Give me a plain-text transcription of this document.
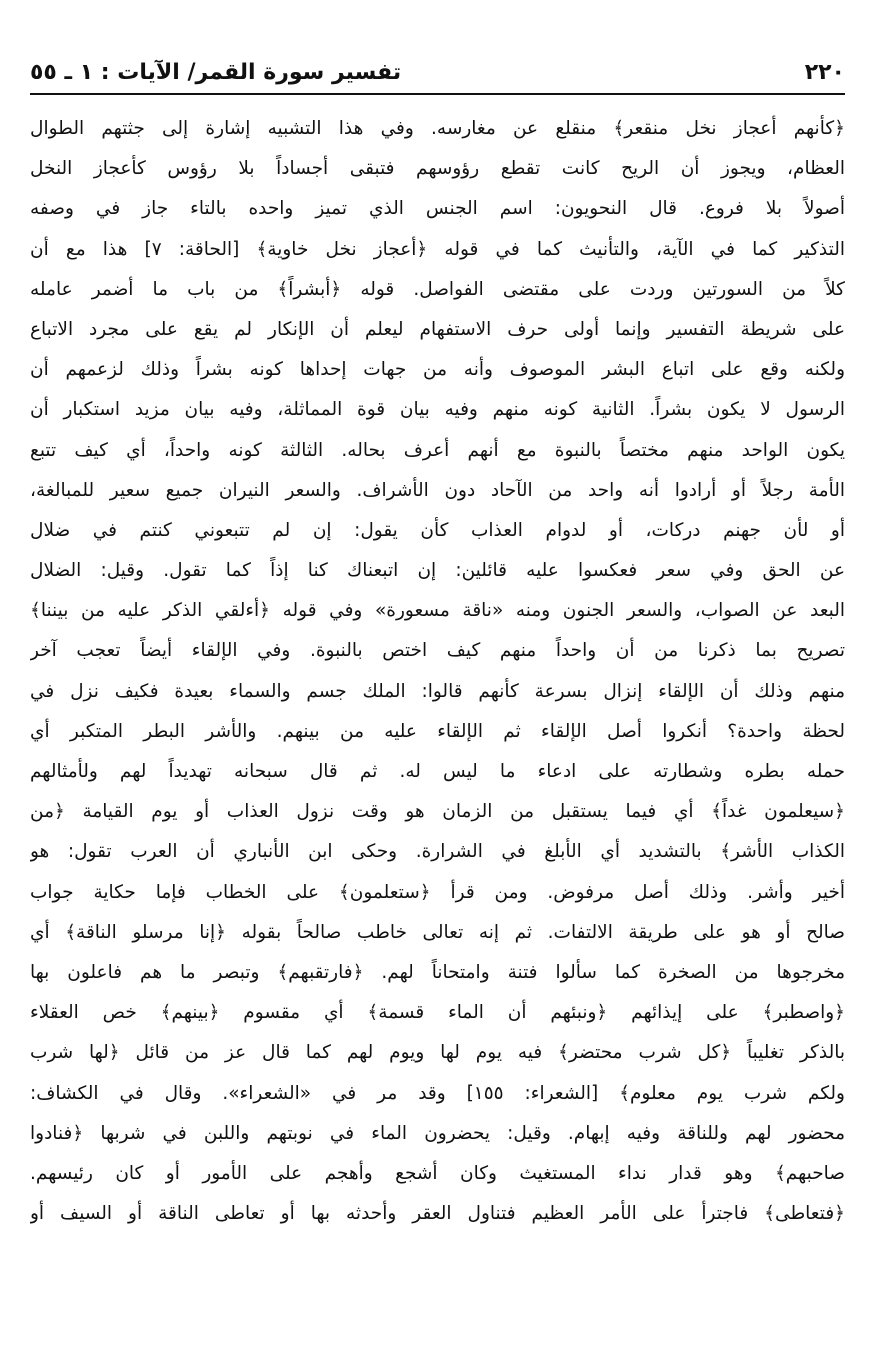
٢٢٠
تفسير سورة القمر/ الآيات : ١ ـ ٥٥
﴿كأنهم أعجاز نخل منقعر﴾ منقلع عن مغارسه. وفي هذا التشبيه إشارة إلى جثتهم الطوال
العظام، ويجوز أن الريح كانت تقطع رؤوسهم فتبقى أجساداً بلا رؤوس كأعجاز النخل
أصولاً بلا فروع. قال النحويون: اسم الجنس الذي تميز واحده بالتاء جاز في وصفه
التذكير كما في الآية، والتأنيث كما في قوله ﴿أعجاز نخل خاوية﴾ [الحاقة: ٧] هذا مع أن
كلاً من السورتين وردت على مقتضى الفواصل. قوله ﴿أبشراً﴾ من باب ما أضمر عامله
على شريطة التفسير وإنما أولى حرف الاستفهام ليعلم أن الإنكار لم يقع على مجرد الاتباع
ولكنه وقع على اتباع البشر الموصوف وأنه من جهات إحداها كونه بشراً وذلك لزعمهم أن
الرسول لا يكون بشراً. الثانية كونه منهم وفيه بيان قوة المماثلة، وفيه بيان مزيد استكبار أن
يكون الواحد منهم مختصاً بالنبوة مع أنهم أعرف بحاله. الثالثة كونه واحداً، أي كيف تتبع
الأمة رجلاً أو أرادوا أنه واحد من الآحاد دون الأشراف. والسعر النيران جميع سعير للمبالغة،
أو لأن جهنم دركات، أو لدوام العذاب كأن يقول: إن لم تتبعوني كنتم في ضلال
عن الحق وفي سعر فعكسوا عليه قائلين: إن اتبعناك كنا إذاً كما تقول. وقيل: الضلال
البعد عن الصواب، والسعر الجنون ومنه «ناقة مسعورة» وفي قوله ﴿أءلقي الذكر عليه من بيننا﴾
تصريح بما ذكرنا من أن واحداً منهم كيف اختص بالنبوة. وفي الإلقاء أيضاً تعجب آخر
منهم وذلك أن الإلقاء إنزال بسرعة كأنهم قالوا: الملك جسم والسماء بعيدة فكيف نزل في
لحظة واحدة؟ أنكروا أصل الإلقاء ثم الإلقاء عليه من بينهم. والأشر البطر المتكبر أي
حمله بطره وشطارته على ادعاء ما ليس له. ثم قال سبحانه تهديداً لهم ولأمثالهم
﴿سيعلمون غداً﴾ أي فيما يستقبل من الزمان هو وقت نزول العذاب أو يوم القيامة ﴿من
الكذاب الأشر﴾ بالتشديد أي الأبلغ في الشرارة. وحكى ابن الأنباري أن العرب تقول: هو
أخير وأشر. وذلك أصل مرفوض. ومن قرأ ﴿ستعلمون﴾ على الخطاب فإما حكاية جواب
صالح أو هو على طريقة الالتفات. ثم إنه تعالى خاطب صالحاً بقوله ﴿إنا مرسلو الناقة﴾ أي
مخرجوها من الصخرة كما سألوا فتنة وامتحاناً لهم. ﴿فارتقبهم﴾ وتبصر ما هم فاعلون بها
﴿واصطبر﴾ على إيذائهم ﴿ونبئهم أن الماء قسمة﴾ أي مقسوم ﴿بينهم﴾ خص العقلاء
بالذكر تغليباً ﴿كل شرب محتضر﴾ فيه يوم لها ويوم لهم كما قال عز من قائل ﴿لها شرب
ولكم شرب يوم معلوم﴾ [الشعراء: ١٥٥] وقد مر في «الشعراء». وقال في الكشاف:
محضور لهم وللناقة وفيه إبهام. وقيل: يحضرون الماء في نوبتهم واللبن في شربها ﴿فنادوا
صاحبهم﴾ وهو قدار نداء المستغيث وكان أشجع وأهجم على الأمور أو كان رئيسهم.
﴿فتعاطى﴾ فاجترأ على الأمر العظيم فتناول العقر وأحدثه بها أو تعاطى الناقة أو السيف أو
